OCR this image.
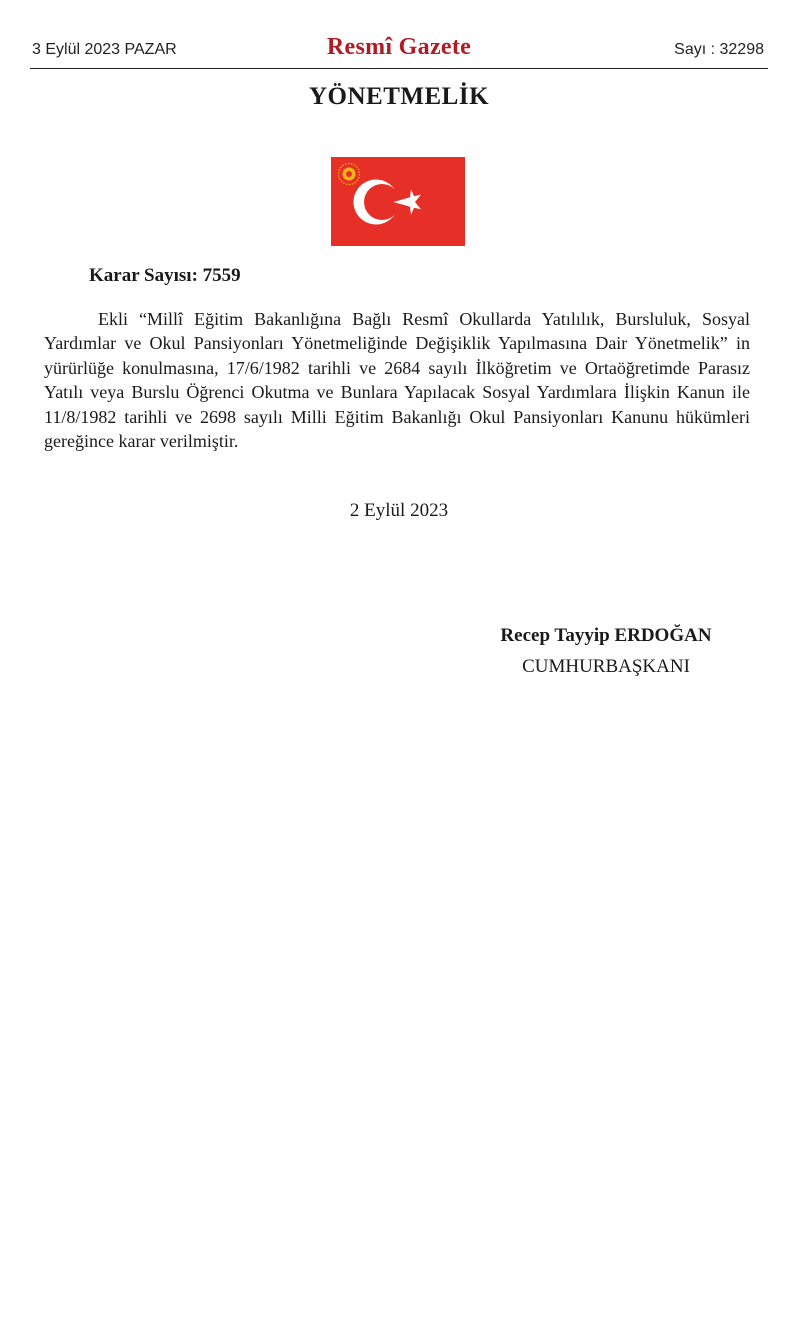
3 Eylül 2023 PAZAR	Resmî Gazete	Sayı : 32298
YÖNETMELİK
Karar Sayısı: 7559

Ekli “Millî Eğitim Bakanlığına Bağlı Resmî Okullarda Yatılılık, Bursluluk, Sosyal Yardımlar ve Okul Pansiyonları Yönetmeliğinde Değişiklik Yapılmasına Dair Yönetmelik” in yürürlüğe konulmasına, 17/6/1982 tarihli ve 2684 sayılı İlköğretim ve Ortaöğretimde Parasız Yatılı veya Burslu Öğrenci Okutma ve Bunlara Yapılacak Sosyal Yardımlara İlişkin Kanun ile 11/8/1982 tarihli ve 2698 sayılı Milli Eğitim Bakanlığı Okul Pansiyonları Kanunu hükümleri gereğince karar verilmiştir.

2 Eylül 2023
Recep Tayyip ERDOĞAN
CUMHURBAŞKANI
